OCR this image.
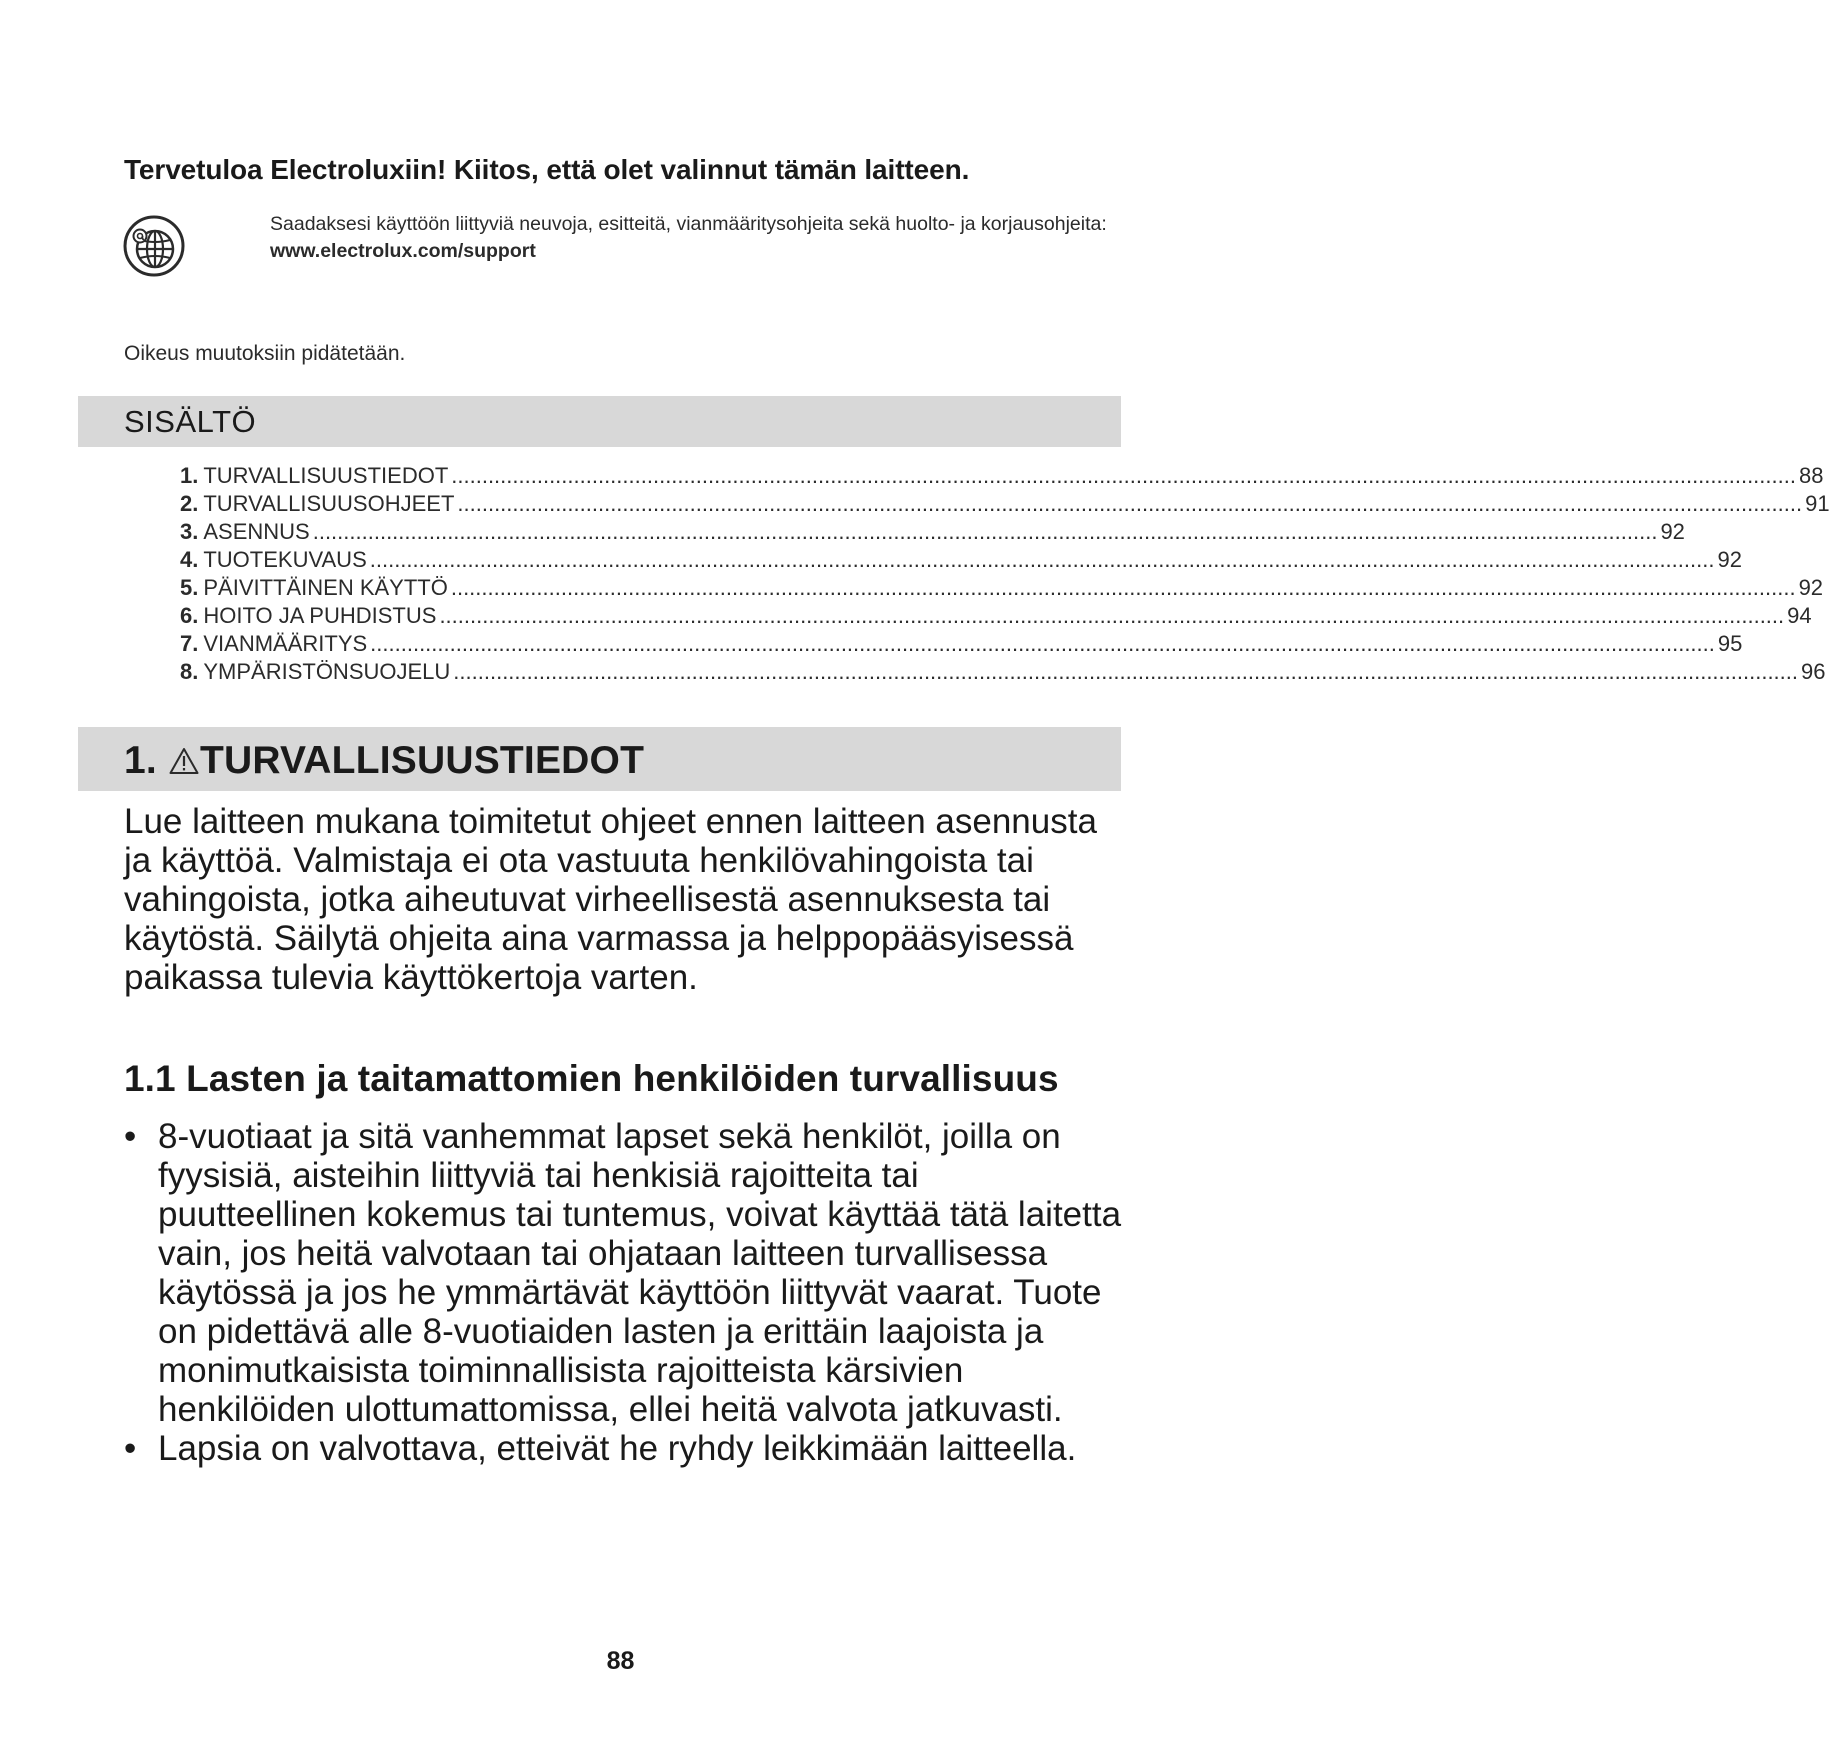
Tervetuloa Electroluxiin! Kiitos, että olet valinnut tämän laitteen.
Saadaksesi käyttöön liittyviä neuvoja, esitteitä, vianmääritysohjeita sekä huolto- ja korjausohjeita:
www.electrolux.com/support
Oikeus muutoksiin pidätetään.
SISÄLTÖ
1. TURVALLISUUSTIEDOT ............................................................................................................................................................................................................................ 88
2. TURVALLISUUSOHJEET ............................................................................................................................................................................................................................ 91
3. ASENNUS ............................................................................................................................................................................................................................ 92
4. TUOTEKUVAUS ............................................................................................................................................................................................................................ 92
5. PÄIVITTÄINEN KÄYTTÖ ............................................................................................................................................................................................................................ 92
6. HOITO JA PUHDISTUS ............................................................................................................................................................................................................................ 94
7. VIANMÄÄRITYS ............................................................................................................................................................................................................................ 95
8. YMPÄRISTÖNSUOJELU ............................................................................................................................................................................................................................ 96
1. TURVALLISUUSTIEDOT

Lue laitteen mukana toimitetut ohjeet ennen laitteen asennusta ja käyttöä. Valmistaja ei ota vastuuta henkilövahingoista tai vahingoista, jotka aiheutuvat virheellisestä asennuksesta tai käytöstä. Säilytä ohjeita aina varmassa ja helppopääsyisessä paikassa tulevia käyttökertoja varten.

1.1 Lasten ja taitamattomien henkilöiden turvallisuus
• 8-vuotiaat ja sitä vanhemmat lapset sekä henkilöt, joilla on fyysisiä, aisteihin liittyviä tai henkisiä rajoitteita tai puutteellinen kokemus tai tuntemus, voivat käyttää tätä laitetta vain, jos heitä valvotaan tai ohjataan laitteen turvallisessa käytössä ja jos he ymmärtävät käyttöön liittyvät vaarat. Tuote on pidettävä alle 8-vuotiaiden lasten ja erittäin laajoista ja monimutkaisista toiminnallisista rajoitteista kärsivien henkilöiden ulottumattomissa, ellei heitä valvota jatkuvasti.
• Lapsia on valvottava, etteivät he ryhdy leikkimään laitteella.
88
